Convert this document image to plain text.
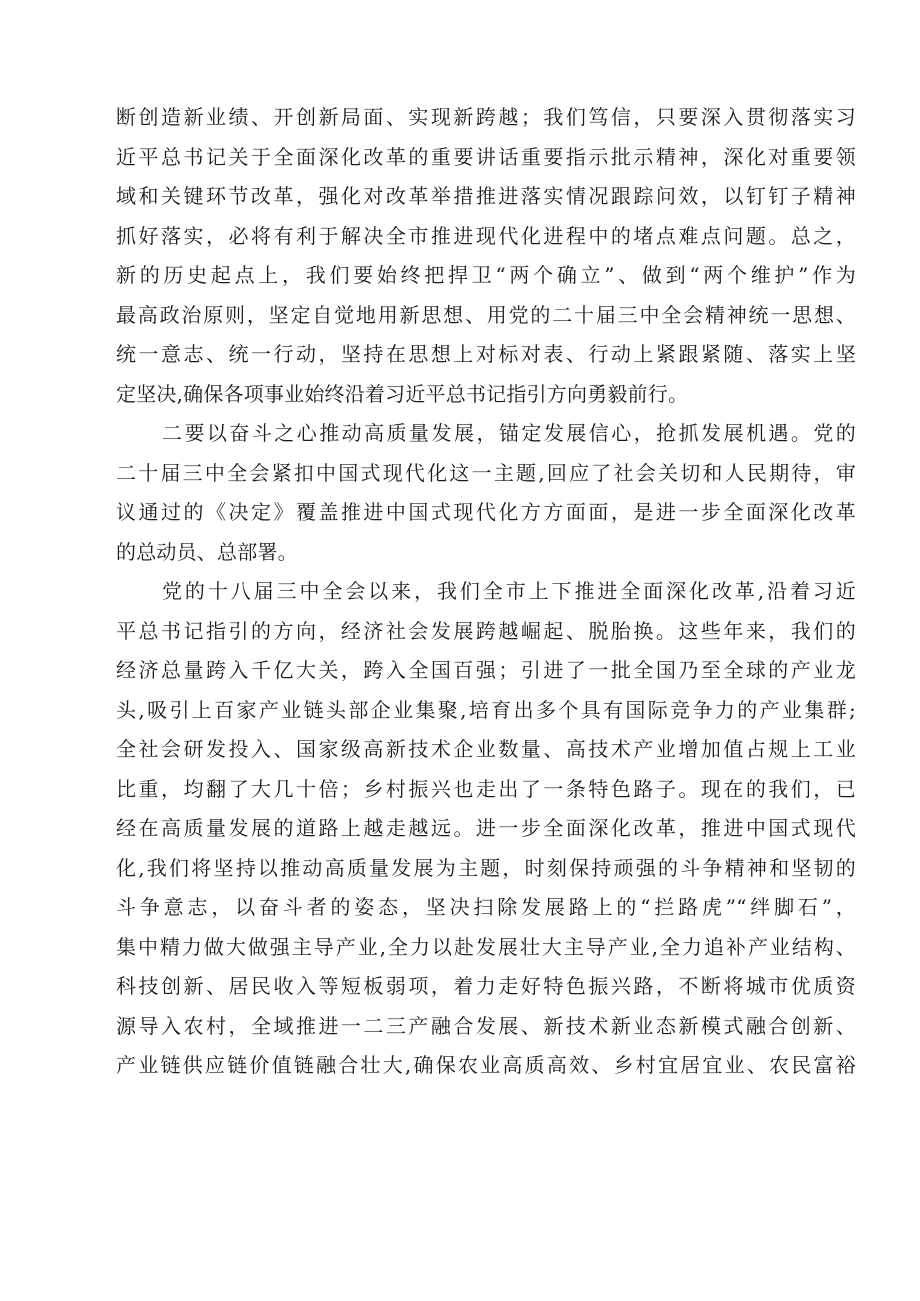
断创造新业绩、开创新局面、实现新跨越；我们笃信，只要深入贯彻落实习
近平总书记关于全面深化改革的重要讲话重要指示批示精神，深化对重要领
域和关键环节改革，强化对改革举措推进落实情况跟踪问效，以钉钉子精神
抓好落实，必将有利于解决全市推进现代化进程中的堵点难点问题。总之，
新的历史起点上，我们要始终把捍卫“两个确立”、做到“两个维护”作为
最高政治原则，坚定自觉地用新思想、用党的二十届三中全会精神统一思想、
统一意志、统一行动，坚持在思想上对标对表、行动上紧跟紧随、落实上坚
定坚决,确保各项事业始终沿着习近平总书记指引方向勇毅前行。
二要以奋斗之心推动高质量发展，锚定发展信心，抢抓发展机遇。党的
二十届三中全会紧扣中国式现代化这一主题,回应了社会关切和人民期待，审
议通过的《决定》覆盖推进中国式现代化方方面面，是进一步全面深化改革
的总动员、总部署。
党的十八届三中全会以来，我们全市上下推进全面深化改革,沿着习近
平总书记指引的方向，经济社会发展跨越崛起、脱胎换。这些年来，我们的
经济总量跨入千亿大关，跨入全国百强；引进了一批全国乃至全球的产业龙
头,吸引上百家产业链头部企业集聚,培育出多个具有国际竞争力的产业集群;
全社会研发投入、国家级高新技术企业数量、高技术产业增加值占规上工业
比重，均翻了大几十倍；乡村振兴也走出了一条特色路子。现在的我们，已
经在高质量发展的道路上越走越远。进一步全面深化改革，推进中国式现代
化,我们将坚持以推动高质量发展为主题，时刻保持顽强的斗争精神和坚韧的
斗争意志，以奋斗者的姿态，坚决扫除发展路上的“拦路虎”“绊脚石”，
集中精力做大做强主导产业,全力以赴发展壮大主导产业,全力追补产业结构、
科技创新、居民收入等短板弱项，着力走好特色振兴路，不断将城市优质资
源导入农村，全域推进一二三产融合发展、新技术新业态新模式融合创新、
产业链供应链价值链融合壮大,确保农业高质高效、乡村宜居宜业、农民富裕
